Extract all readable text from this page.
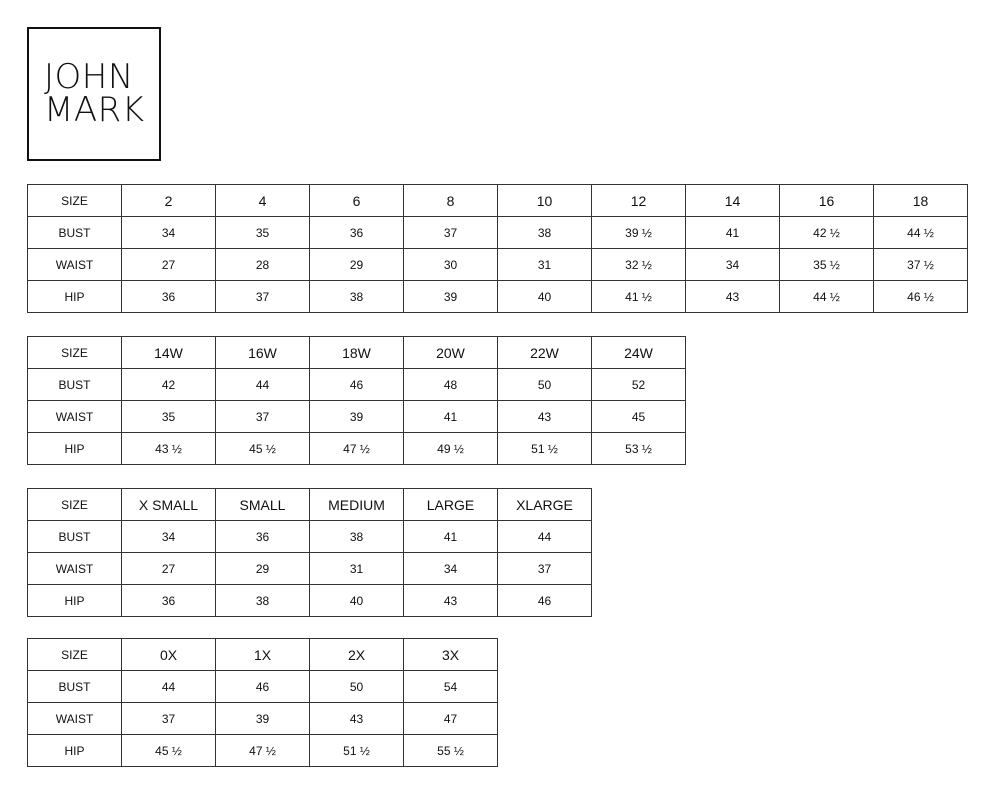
JOHN
MARK
SIZE	2	4	6	8	10	12	14	16	18
BUST	34	35	36	37	38	39 ½	41	42 ½	44 ½
WAIST	27	28	29	30	31	32 ½	34	35 ½	37 ½
HIP	36	37	38	39	40	41 ½	43	44 ½	46 ½
SIZE	14W	16W	18W	20W	22W	24W
BUST	42	44	46	48	50	52
WAIST	35	37	39	41	43	45
HIP	43 ½	45 ½	47 ½	49 ½	51 ½	53 ½
SIZE	X SMALL	SMALL	MEDIUM	LARGE	XLARGE
BUST	34	36	38	41	44
WAIST	27	29	31	34	37
HIP	36	38	40	43	46
SIZE	0X	1X	2X	3X
BUST	44	46	50	54
WAIST	37	39	43	47
HIP	45 ½	47 ½	51 ½	55 ½
